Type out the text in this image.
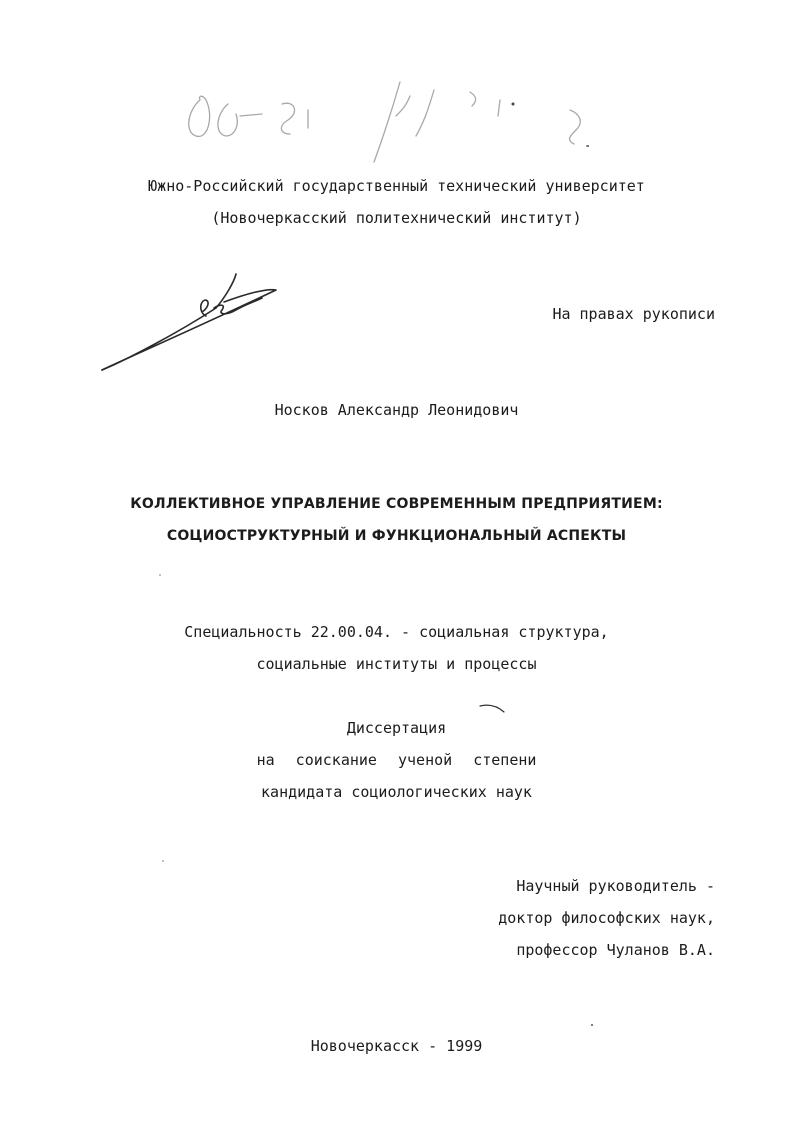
Южно-Российский государственный технический университет
(Новочеркасский политехнический институт)
На правах рукописи
Носков Александр Леонидович
КОЛЛЕКТИВНОЕ УПРАВЛЕНИЕ СОВРЕМЕННЫМ ПРЕДПРИЯТИЕМ:
СОЦИОСТРУКТУРНЫЙ И ФУНКЦИОНАЛЬНЫЙ АСПЕКТЫ
Специальность 22.00.04. - социальная структура,
социальные институты и процессы
Диссертация
на соискание ученой степени
кандидата социологических наук
Научный руководитель -
доктор философских наук,
профессор Чуланов В.А.
Новочеркасск - 1999
